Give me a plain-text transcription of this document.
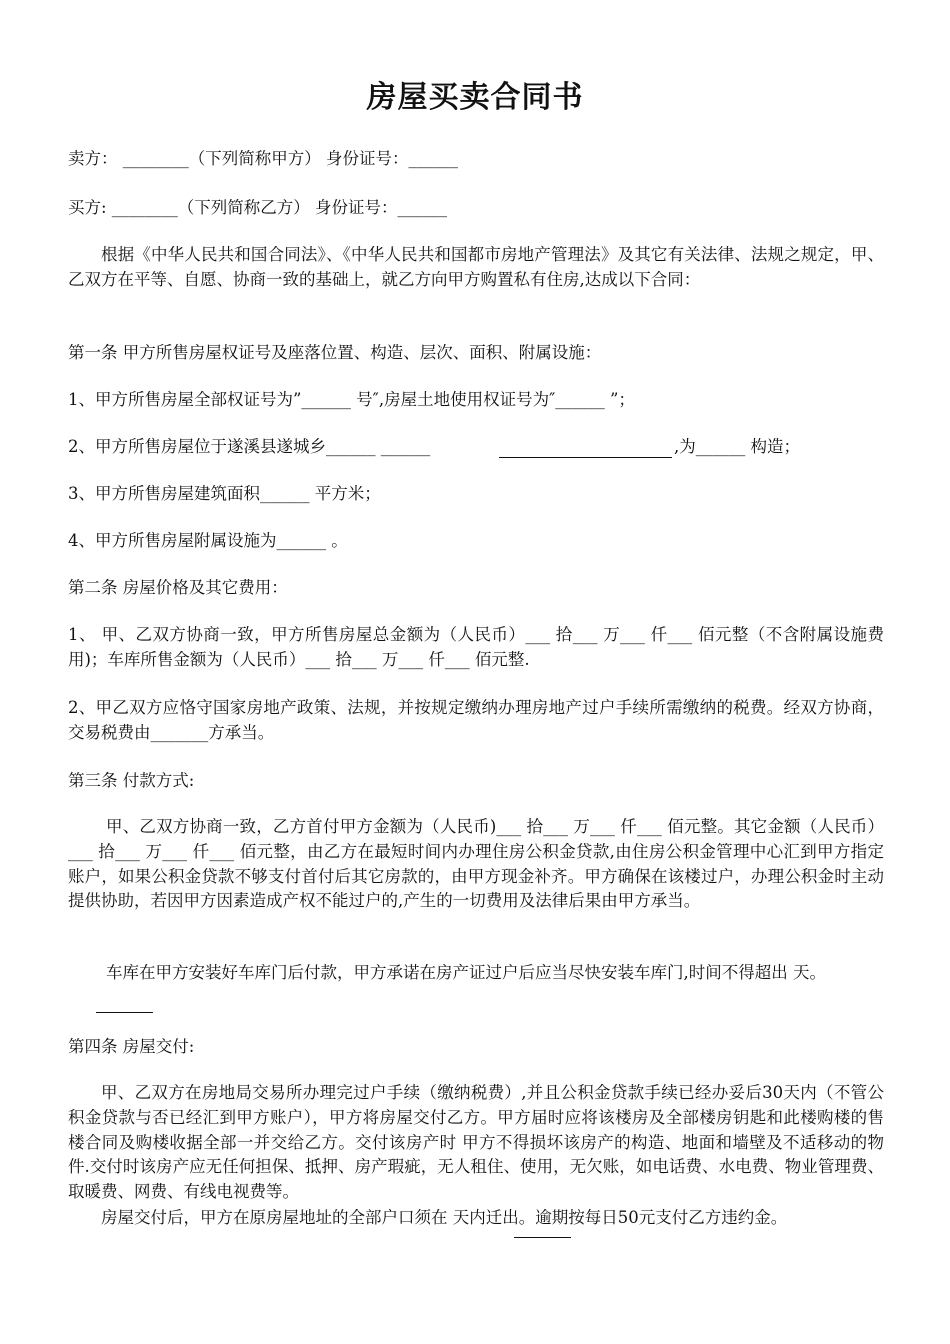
房屋买卖合同书
卖方： ________（下列简称甲方） 身份证号：______
买方: ________（下列简称乙方） 身份证号：______
根据《中华人民共和国合同法》、《中华人民共和国都市房地产管理法》及其它有关法律、法规之规定，甲、乙双方在平等、自愿、协商一致的基础上，就乙方向甲方购置私有住房,达成以下合同：
第一条 甲方所售房屋权证号及座落位置、构造、层次、面积、附属设施：
1、甲方所售房屋全部权证号为”______ 号″,房屋土地使用权证号为″______ ”；
2、甲方所售房屋位于遂溪县遂城乡______ ______	,为______ 构造；
3、甲方所售房屋建筑面积______ 平方米；
4、甲方所售房屋附属设施为______ 。
第二条 房屋价格及其它费用：
1、 甲、乙双方协商一致，甲方所售房屋总金额为（人民币）___ 拾___ 万___ 仟___ 佰元整（不含附属设施费用)；车库所售金额为（人民币）___ 拾___ 万___ 仟___ 佰元整.
2、甲乙双方应恪守国家房地产政策、法规，并按规定缴纳办理房地产过户手续所需缴纳的税费。经双方协商，交易税费由_______方承当。
第三条 付款方式:
甲、乙双方协商一致，乙方首付甲方金额为（人民币)___ 拾___ 万___ 仟___ 佰元整。其它金额（人民币）___ 拾___ 万___ 仟___ 佰元整，由乙方在最短时间内办理住房公积金贷款,由住房公积金管理中心汇到甲方指定账户，如果公积金贷款不够支付首付后其它房款的，由甲方现金补齐。甲方确保在该楼过户，办理公积金时主动提供协助，若因甲方因素造成产权不能过户的,产生的一切费用及法律后果由甲方承当。
车库在甲方安装好车库门后付款，甲方承诺在房产证过户后应当尽快安装车库门,时间不得超出 天。
第四条 房屋交付:
甲、乙双方在房地局交易所办理完过户手续（缴纳税费）,并且公积金贷款手续已经办妥后30天内（不管公积金贷款与否已经汇到甲方账户），甲方将房屋交付乙方。甲方届时应将该楼房及全部楼房钥匙和此楼购楼的售楼合同及购楼收据全部一并交给乙方。交付该房产时 甲方不得损坏该房产的构造、地面和墙壁及不适移动的物件.交付时该房产应无任何担保、抵押、房产瑕疵，无人租住、使用，无欠账，如电话费、水电费、物业管理费、取暖费、网费、有线电视费等。
房屋交付后，甲方在原房屋地址的全部户口须在 天内迁出。逾期按每日50元支付乙方违约金。
